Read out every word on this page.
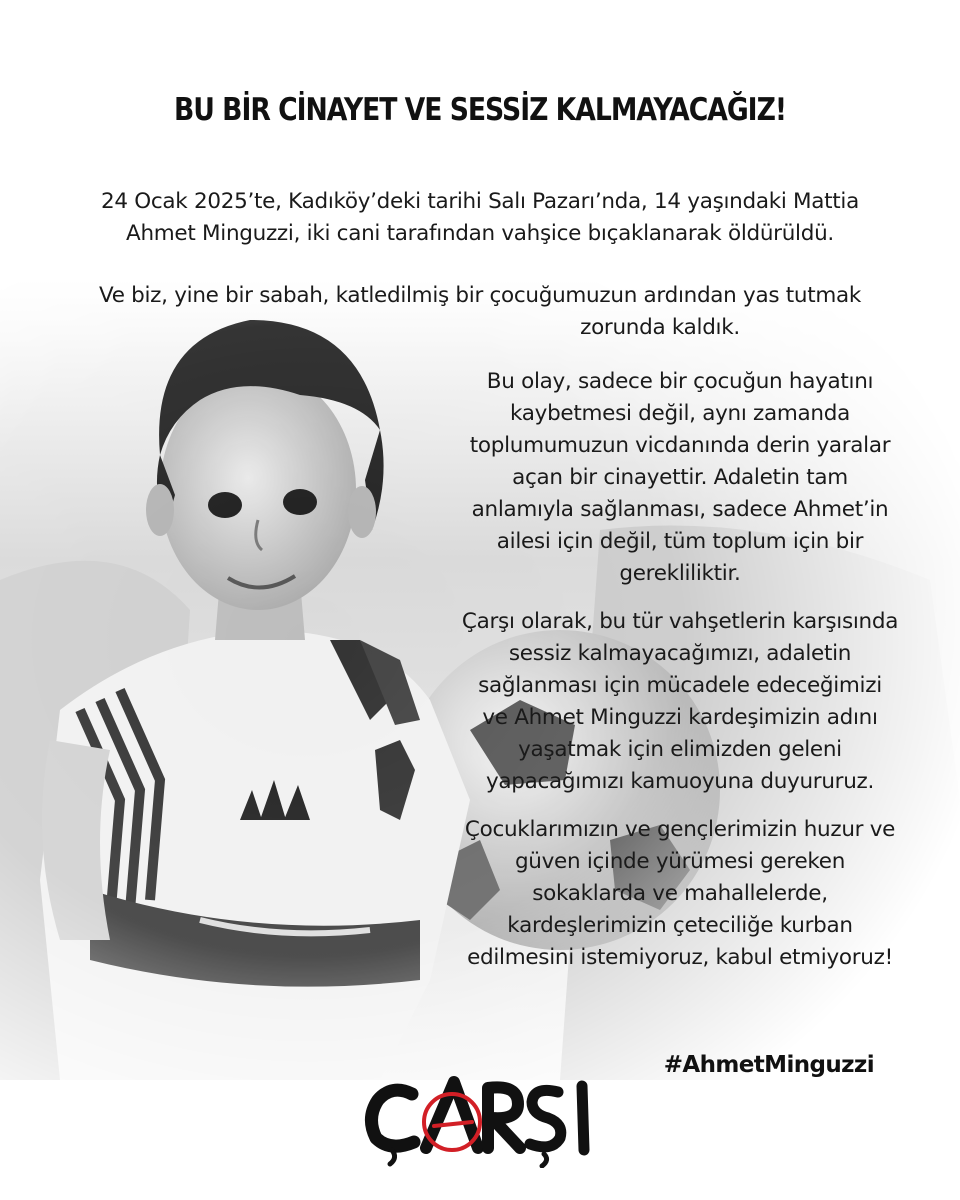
BU BİR CİNAYET VE SESSİZ KALMAYACAĞIZ!
24 Ocak 2025’te, Kadıköy’deki tarihi Salı Pazarı’nda, 14 yaşındaki Mattia
Ahmet Minguzzi, iki cani tarafından vahşice bıçaklanarak öldürüldü.
Ve biz, yine bir sabah, katledilmiş bir çocuğumuzun ardından yas tutmak
zorunda kaldık.
Bu olay, sadece bir çocuğun hayatını
kaybetmesi değil, aynı zamanda
toplumumuzun vicdanında derin yaralar
açan bir cinayettir. Adaletin tam
anlamıyla sağlanması, sadece Ahmet’in
ailesi için değil, tüm toplum için bir
gerekliliktir.
Çarşı olarak, bu tür vahşetlerin karşısında
sessiz kalmayacağımızı, adaletin
sağlanması için mücadele edeceğimizi
ve Ahmet Minguzzi kardeşimizin adını
yaşatmak için elimizden geleni
yapacağımızı kamuoyuna duyururuz.
Çocuklarımızın ve gençlerimizin huzur ve
güven içinde yürümesi gereken
sokaklarda ve mahallelerde,
kardeşlerimizin çeteciliğe kurban
edilmesini istemiyoruz, kabul etmiyoruz!
#AhmetMinguzzi
